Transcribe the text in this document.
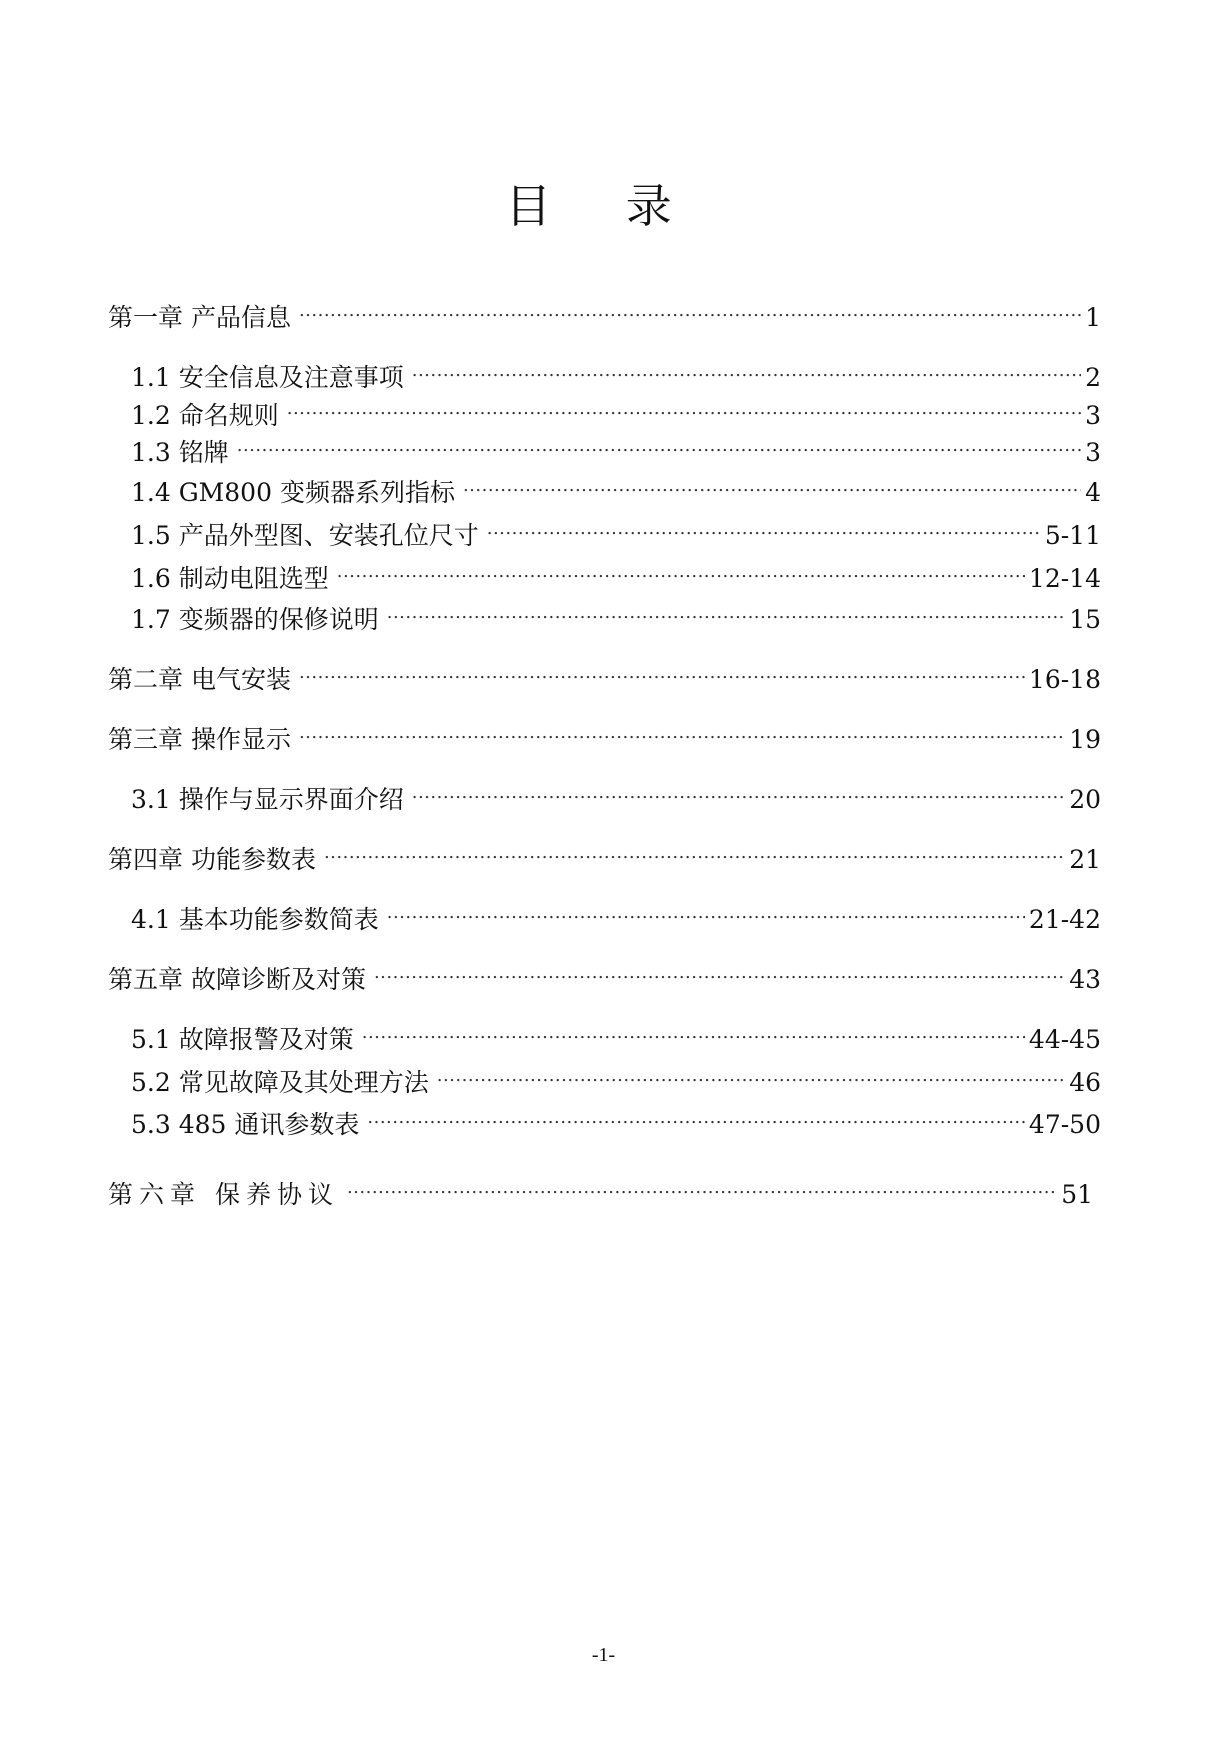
目 录
第一章 产品信息 .....	1
1.1 安全信息及注意事项 .....	2
1.2 命名规则 .....	3
1.3 铭牌 .....	3
1.4 GM800 变频器系列指标 .....	4
1.5 产品外型图、安装孔位尺寸 .....	5-11
1.6 制动电阻选型 .....	12-14
1.7 变频器的保修说明 .....	15
第二章 电气安装 .....	16-18
第三章 操作显示 .....	19
3.1 操作与显示界面介绍 .....	20
第四章 功能参数表 .....	21
4.1 基本功能参数简表 .....	21-42
第五章 故障诊断及对策 .....	43
5.1 故障报警及对策 .....	44-45
5.2 常见故障及其处理方法 .....	46
5.3 485 通讯参数表 .....	47-50
第六章 保养协议 .....	51
-1-
